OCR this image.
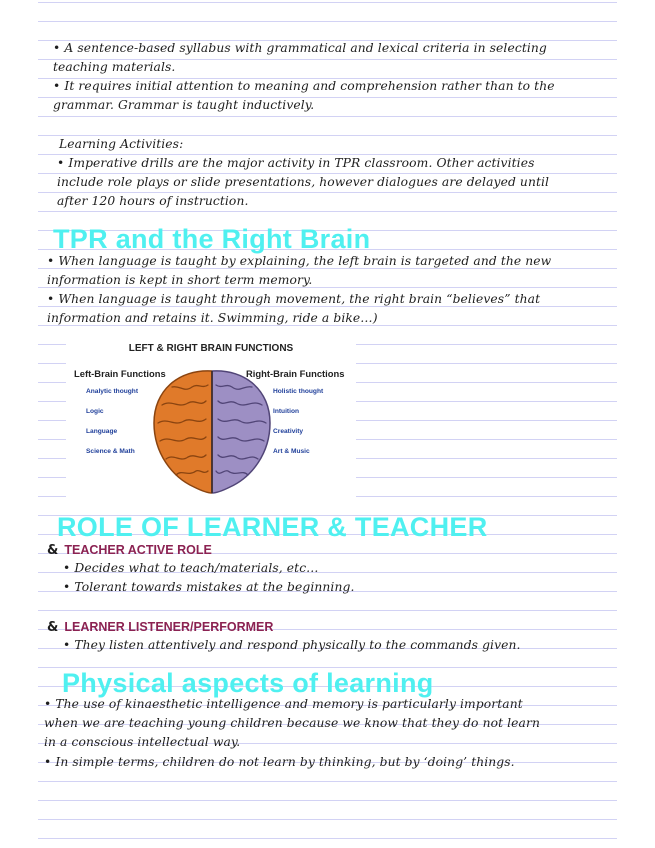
• A sentence-based syllabus with grammatical and lexical criteria in selecting
teaching materials.

• It requires initial attention to meaning and comprehension rather than to the
grammar. Grammar is taught inductively.

Learning Activities:

• Imperative drills are the major activity in TPR classroom. Other activities
include role plays or slide presentations, however dialogues are delayed until
after 120 hours of instruction.

TPR and the Right Brain

• When language is taught by explaining, the left brain is targeted and the new
information is kept in short term memory.

• When language is taught through movement, the right brain “believes” that
information and retains it. Swimming, ride a bike…)

LEFT & RIGHT BRAIN FUNCTIONS
Left-Brain Functions	Right-Brain Functions
Analytic thought
Logic
Language
Science & Math
Holistic thought
Intuition
Creativity
Art & Music
ROLE OF LEARNER & TEACHER
& TEACHER ACTIVE ROLE

• Decides what to teach/materials, etc…

• Tolerant towards mistakes at the beginning.

& LEARNER LISTENER/PERFORMER

• They listen attentively and respond physically to the commands given.

Physical aspects of learning

• The use of kinaesthetic intelligence and memory is particularly important
when we are teaching young children because we know that they do not learn
in a conscious intellectual way.

• In simple terms, children do not learn by thinking, but by ‘doing’ things.
